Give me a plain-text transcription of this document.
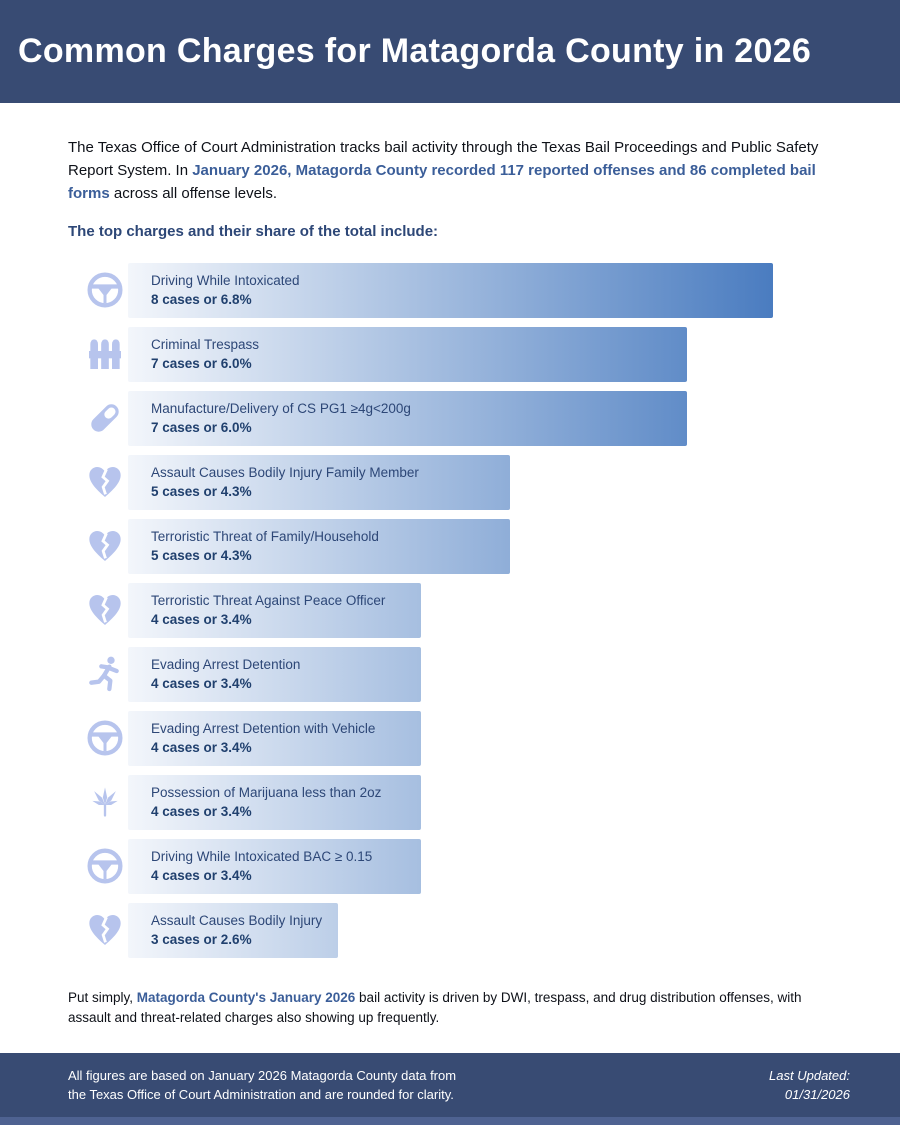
Common Charges for Matagorda County in 2026

The Texas Office of Court Administration tracks bail activity through the Texas Bail Proceedings and Public Safety Report System. In January 2026, Matagorda County recorded 117 reported offenses and 86 completed bail forms across all offense levels.

The top charges and their share of the total include:
Driving While Intoxicated
8 cases or 6.8%
Criminal Trespass
7 cases or 6.0%
Manufacture/Delivery of CS PG1 ≥4g<200g
7 cases or 6.0%
Assault Causes Bodily Injury Family Member
5 cases or 4.3%
Terroristic Threat of Family/Household
5 cases or 4.3%
Terroristic Threat Against Peace Officer
4 cases or 3.4%
Evading Arrest Detention
4 cases or 3.4%
Evading Arrest Detention with Vehicle
4 cases or 3.4%
Possession of Marijuana less than 2oz
4 cases or 3.4%
Driving While Intoxicated BAC ≥ 0.15
4 cases or 3.4%
Assault Causes Bodily Injury
3 cases or 2.6%

Put simply, Matagorda County's January 2026 bail activity is driven by DWI, trespass, and drug distribution offenses, with assault and threat-related charges also showing up frequently.

All figures are based on January 2026 Matagorda County data from
the Texas Office of Court Administration and are rounded for clarity.
Last Updated:
01/31/2026
